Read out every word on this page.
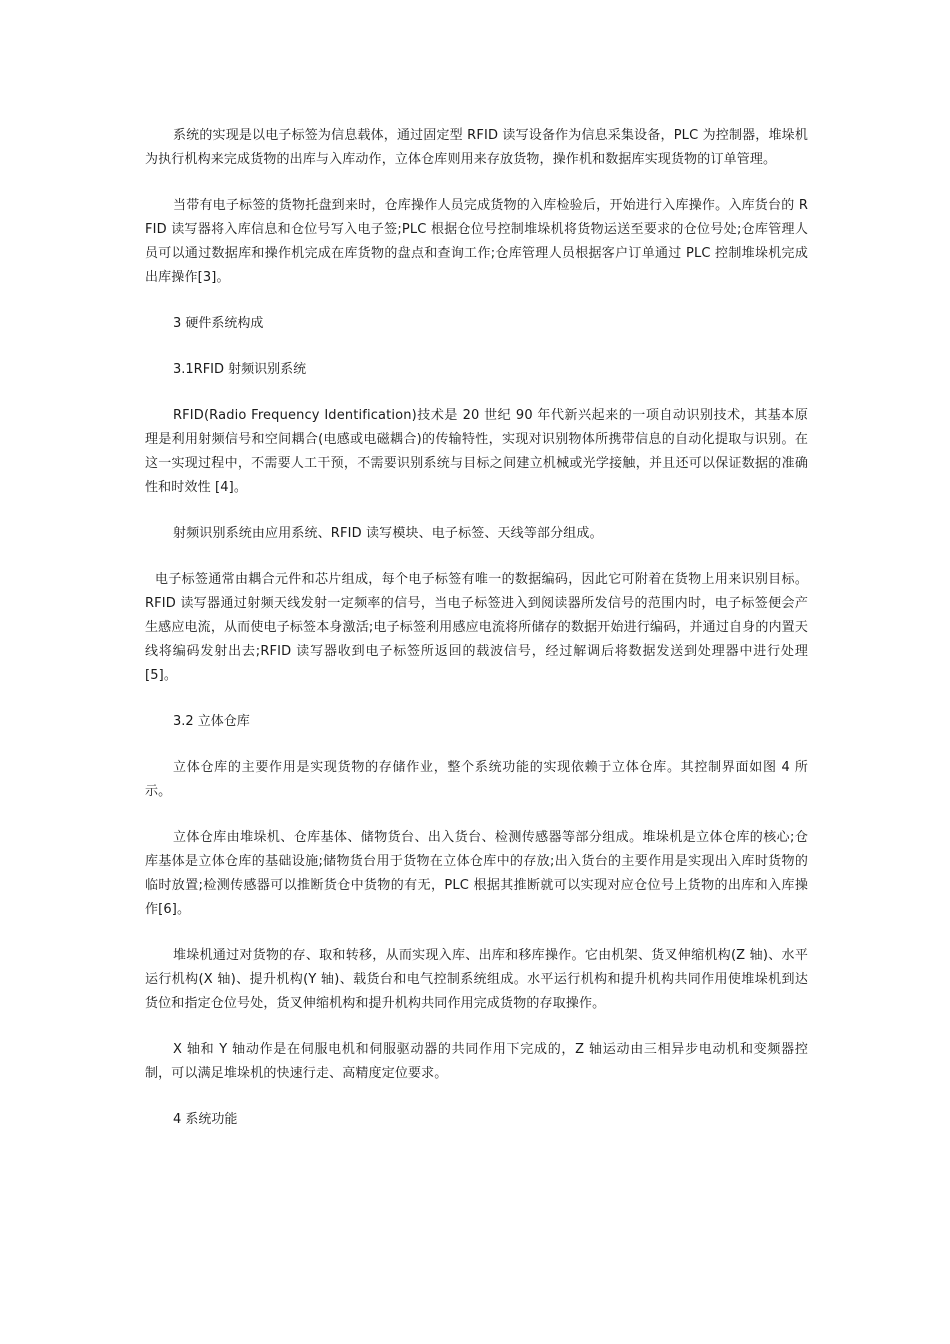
系统的实现是以电子标签为信息载体，通过固定型 RFID 读写设备作为信息采集设备，PLC 为控制器，堆垛机为执行机构来完成货物的出库与入库动作，立体仓库则用来存放货物，操作机和数据库实现货物的订单管理。

当带有电子标签的货物托盘到来时，仓库操作人员完成货物的入库检验后，开始进行入库操作。入库货台的 RFID 读写器将入库信息和仓位号写入电子签;PLC 根据仓位号控制堆垛机将货物运送至要求的仓位号处;仓库管理人员可以通过数据库和操作机完成在库货物的盘点和查询工作;仓库管理人员根据客户订单通过 PLC 控制堆垛机完成出库操作[3]。

3 硬件系统构成

3.1RFID 射频识别系统

RFID(Radio Frequency Identification)技术是 20 世纪 90 年代新兴起来的一项自动识别技术，其基本原理是利用射频信号和空间耦合(电感或电磁耦合)的传输特性，实现对识别物体所携带信息的自动化提取与识别。在这一实现过程中，不需要人工干预，不需要识别系统与目标之间建立机械或光学接触，并且还可以保证数据的准确性和时效性 [4]。

射频识别系统由应用系统、RFID 读写模块、电子标签、天线等部分组成。

电子标签通常由耦合元件和芯片组成，每个电子标签有唯一的数据编码，因此它可附着在货物上用来识别目标。RFID 读写器通过射频天线发射一定频率的信号，当电子标签进入到阅读器所发信号的范围内时，电子标签便会产生感应电流，从而使电子标签本身激活;电子标签利用感应电流将所储存的数据开始进行编码，并通过自身的内置天线将编码发射出去;RFID 读写器收到电子标签所返回的载波信号，经过解调后将数据发送到处理器中进行处理[5]。

3.2 立体仓库

立体仓库的主要作用是实现货物的存储作业，整个系统功能的实现依赖于立体仓库。其控制界面如图 4 所示。

立体仓库由堆垛机、仓库基体、储物货台、出入货台、检测传感器等部分组成。堆垛机是立体仓库的核心;仓库基体是立体仓库的基础设施;储物货台用于货物在立体仓库中的存放;出入货台的主要作用是实现出入库时货物的临时放置;检测传感器可以推断货仓中货物的有无，PLC 根据其推断就可以实现对应仓位号上货物的出库和入库操作[6]。

堆垛机通过对货物的存、取和转移，从而实现入库、出库和移库操作。它由机架、货叉伸缩机构(Z 轴)、水平运行机构(X 轴)、提升机构(Y 轴)、载货台和电气控制系统组成。水平运行机构和提升机构共同作用使堆垛机到达货位和指定仓位号处，货叉伸缩机构和提升机构共同作用完成货物的存取操作。

X 轴和 Y 轴动作是在伺服电机和伺服驱动器的共同作用下完成的，Z 轴运动由三相异步电动机和变频器控制，可以满足堆垛机的快速行走、高精度定位要求。

4 系统功能
